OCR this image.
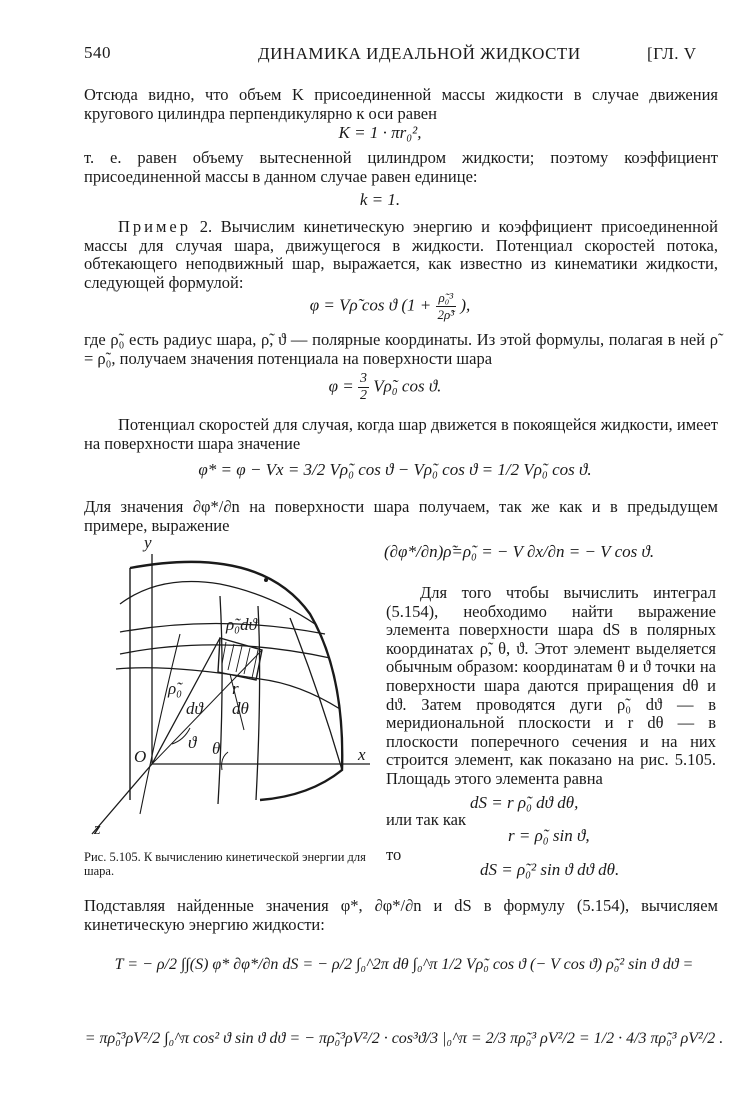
540	ДИНАМИКА ИДЕАЛЬНОЙ ЖИДКОСТИ	[ГЛ. V
Отсюда видно, что объем K присоединенной массы жидкости в случае движения кругового цилиндра перпендикулярно к оси равен
K = 1 · πr₀²,
т. е. равен объему вытесненной цилиндром жидкости; поэтому коэффициент присоединенной массы в данном случае равен единице:
k = 1.
Пример 2. Вычислим кинетическую энергию и коэффициент присоединенной массы для случая шара, движущегося в жидкости. Потенциал скоростей потока, обтекающего неподвижный шар, выражается, как известно из кинематики жидкости, следующей формулой:
φ = Vρ̃ cos ϑ ($1 + \frac{\text{ρ̃₀³}}{\text{2ρ̃³}}$ ),
где ρ̃₀ есть радиус шара, ρ̃, ϑ — полярные координаты. Из этой формулы, полагая в ней ρ̃ = ρ̃₀, получаем значения потенциала на поверхности шара
$\varphi = \frac{3}{2}$ Vρ̃₀ cos ϑ.
Потенциал скоростей для случая, когда шар движется в покоящейся жидкости, имеет на поверхности шара значение
φ* = φ − Vx = 3/2 Vρ̃₀ cos ϑ − Vρ̃₀ cos ϑ = 1/2 Vρ̃₀ cos ϑ.
Для значения ∂φ*/∂n на поверхности шара получаем, так же как и в предыдущем примере, выражение
(∂φ*/∂n)ρ̃=ρ̃₀ = − V ∂x/∂n = − V cos ϑ.
Для того чтобы вычислить интеграл (5.154), необходимо найти выражение элемента поверхности шара dS в полярных координатах ρ̃, θ, ϑ. Этот элемент выделяется обычным образом: координатам θ и ϑ точки на поверхности шара даются приращения dθ и dϑ. Затем проводятся дуги ρ̃₀ dϑ — в меридиональной плоскости и r dθ — в плоскости поперечного сечения и на них строится элемент, как показано на рис. 5.105. Площадь этого элемента равна
dS = r ρ̃₀ dϑ dθ,
или так как
r = ρ̃₀ sin ϑ,
то
dS = ρ̃₀² sin ϑ dϑ dθ.
y
x
z
O
ρ̃₀
ρ̃₀dϑ
dϑ
ϑ
r
dθ
θ
Рис. 5.105. К вычислению кинетической энергии для шара.
Подставляя найденные значения φ*, ∂φ*/∂n и dS в формулу (5.154), вычисляем кинетическую энергию жидкости:
T = − ρ/2 ∫∫(S) φ* ∂φ*/∂n dS = − ρ/2 ∫₀^2π dθ ∫₀^π 1/2 Vρ̃₀ cos ϑ (− V cos ϑ) ρ̃₀² sin ϑ dϑ =
= πρ̃₀³ρV²/2 ∫₀^π cos² ϑ sin ϑ dϑ = − πρ̃₀³ρV²/2 · cos³ϑ/3 |₀^π = 2/3 πρ̃₀³ ρV²/2 = 1/2 · 4/3 πρ̃₀³ ρV²/2 .
